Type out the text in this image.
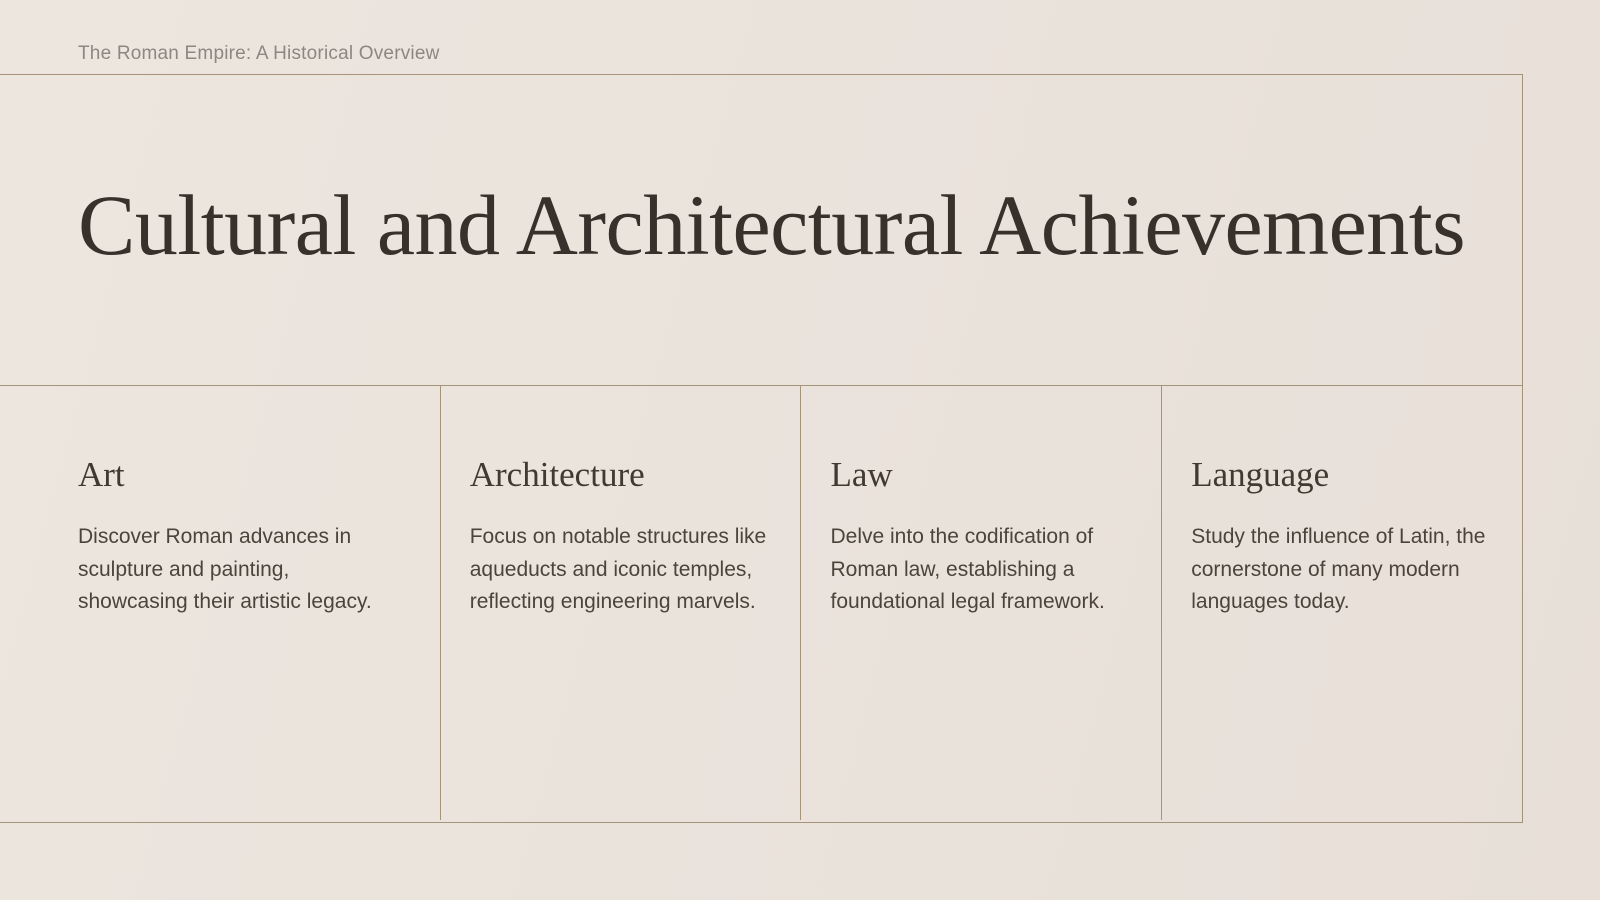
The Roman Empire: A Historical Overview
Cultural and Architectural Achievements
Art
Discover Roman advances in
sculpture and painting,
showcasing their artistic legacy.
Architecture
Focus on notable structures like
aqueducts and iconic temples,
reflecting engineering marvels.
Law
Delve into the codification of
Roman law, establishing a
foundational legal framework.
Language
Study the influence of Latin, the
cornerstone of many modern
languages today.
